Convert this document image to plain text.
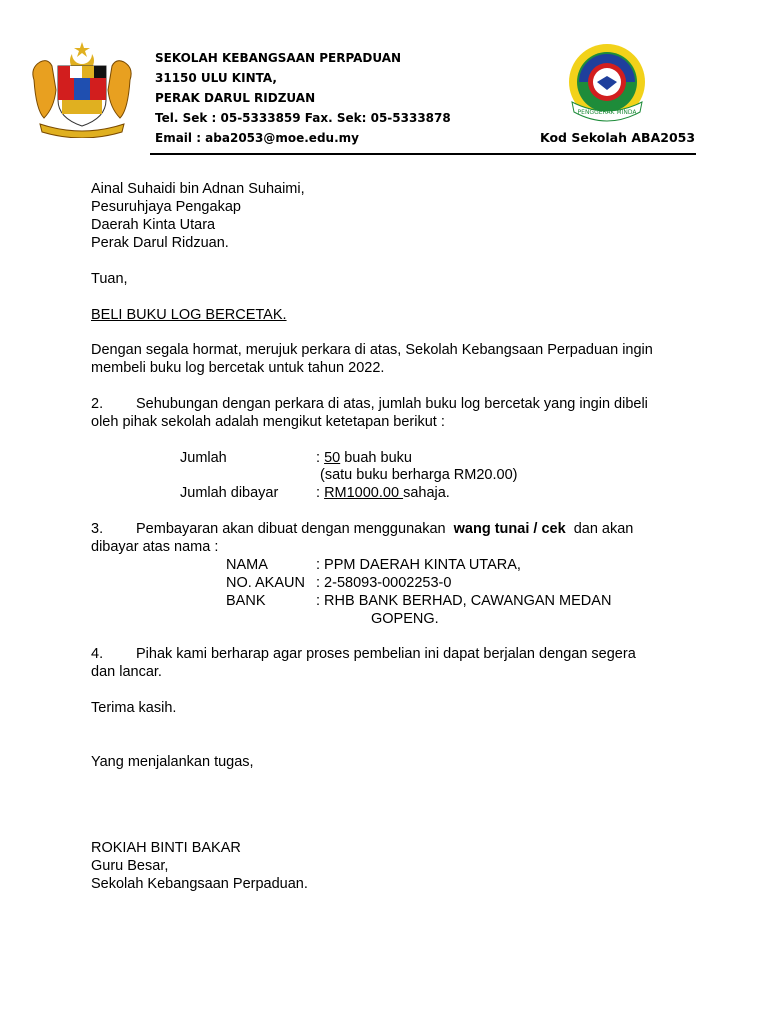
SEKOLAH KEBANGSAAN PERPADUAN
31150 ULU KINTA,
PERAK DARUL RIDZUAN
Tel. Sek : 05-5333859 Fax. Sek: 05-5333878
Email : aba2053@moe.edu.my
PENGGERAK MINDA
Kod Sekolah ABA2053
Ainal Suhaidi bin Adnan Suhaimi,
Pesuruhjaya Pengakap
Daerah Kinta Utara
Perak Darul Ridzuan.
Tuan,
BELI BUKU LOG BERCETAK.
Dengan segala hormat, merujuk perkara di atas, Sekolah Kebangsaan Perpaduan ingin
membeli buku log bercetak untuk tahun 2022.
2. Sehubungan dengan perkara di atas, jumlah buku log bercetak yang ingin dibeli
oleh pihak sekolah adalah mengikut ketetapan berikut :
Jumlah	: 50 buah buku
(satu buku berharga RM20.00)
Jumlah dibayar	: RM1000.00 sahaja.
3. Pembayaran akan dibuat dengan menggunakan wang tunai / cek dan akan
dibayar atas nama :
NAMA	: PPM DAERAH KINTA UTARA,
NO. AKAUN : 2-58093-0002253-0
BANK	: RHB BANK BERHAD, CAWANGAN MEDAN
GOPENG.
4. Pihak kami berharap agar proses pembelian ini dapat berjalan dengan segera
dan lancar.
Terima kasih.
Yang menjalankan tugas,
ROKIAH BINTI BAKAR
Guru Besar,
Sekolah Kebangsaan Perpaduan.
